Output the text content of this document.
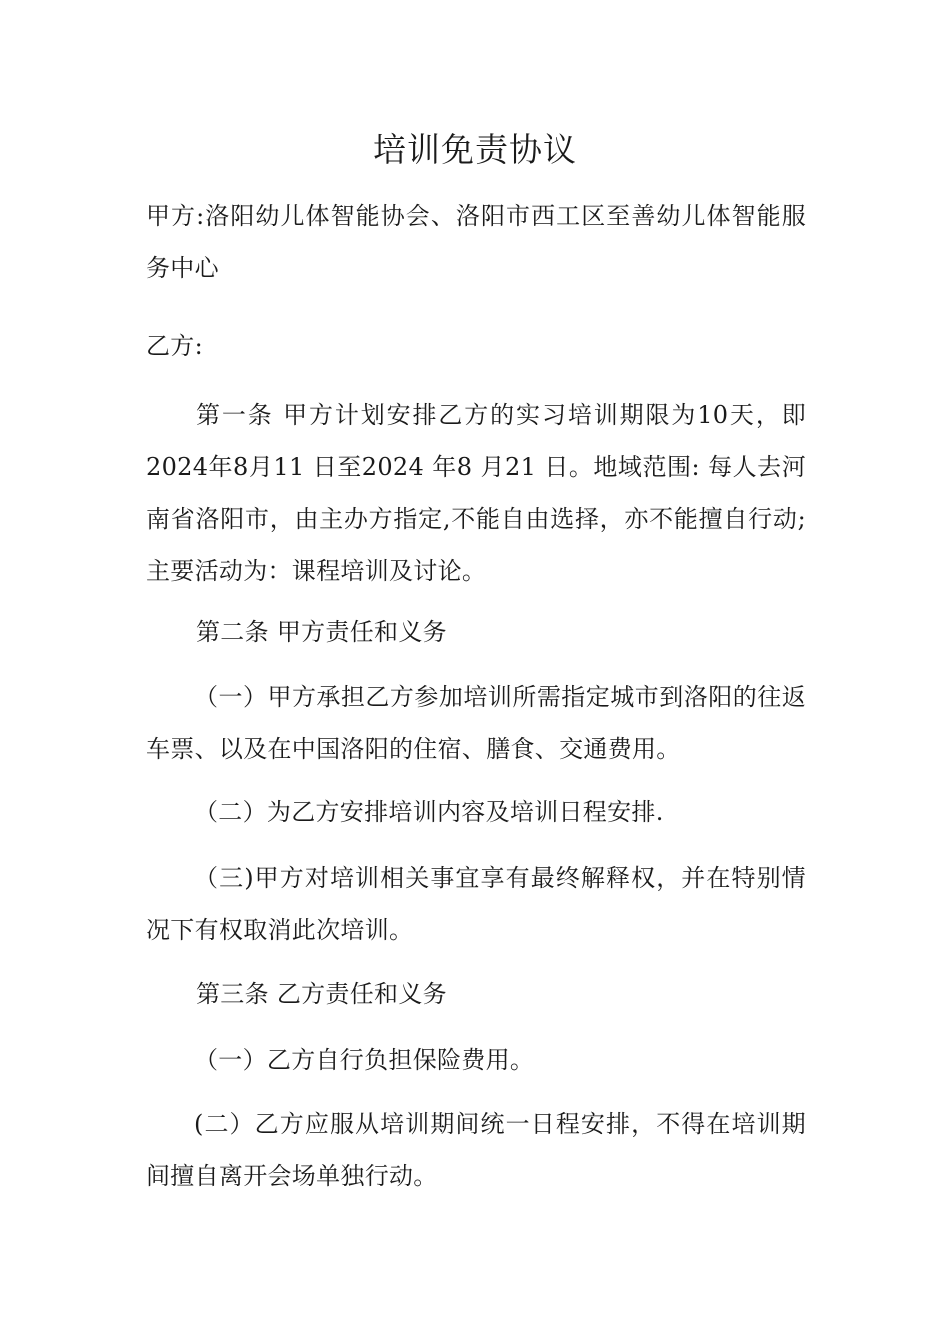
培训免责协议

甲方:洛阳幼儿体智能协会、洛阳市西工区至善幼儿体智能服务中心

乙方:

第一条 甲方计划安排乙方的实习培训期限为10天，即2024年8月11 日至2024 年8 月21 日。地域范围: 每人去河南省洛阳市，由主办方指定,不能自由选择，亦不能擅自行动;主要活动为：课程培训及讨论。

第二条 甲方责任和义务

（一）甲方承担乙方参加培训所需指定城市到洛阳的往返车票、以及在中国洛阳的住宿、膳食、交通费用。

（二）为乙方安排培训内容及培训日程安排.

（三)甲方对培训相关事宜享有最终解释权，并在特别情况下有权取消此次培训。

第三条 乙方责任和义务

（一）乙方自行负担保险费用。

(二）乙方应服从培训期间统一日程安排，不得在培训期间擅自离开会场单独行动。
